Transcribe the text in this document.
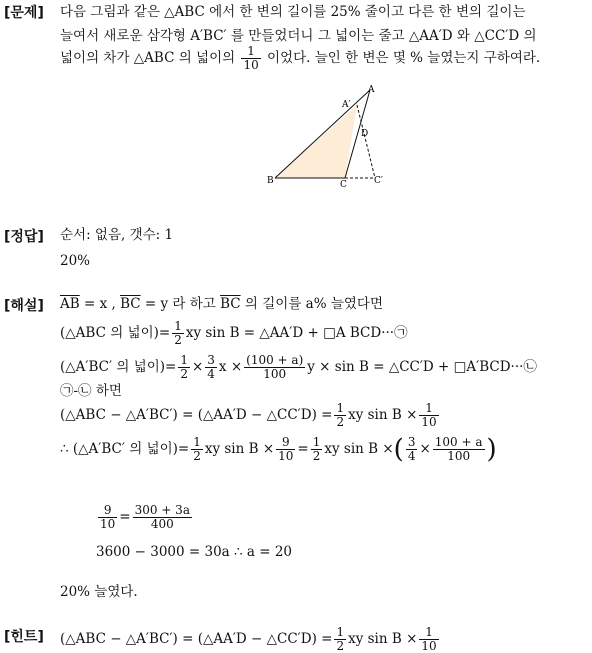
[문제] 다음 그림과 같은 △ABC 에서 한 변의 길이를 25% 줄이고 다른 한 변의 길이는
늘여서 새로운 삼각형 A′BC′ 를 만들었더니 그 넓이는 줄고 △AA′D 와 △CC′D 의
넓이의 차가 △ABC 의 넓이의 $\frac{1}{10}$ 이었다. 늘인 한 변은 몇 % 늘였는지 구하여라.
A
A′
D
B	C	C′
[정답] 순서: 없음, 갯수: 1
20%
[해설] $\overline{AB} = x$ , $\overline{BC} = y$ 라 하고 $\overline{BC}$ 의 길이를 a% 늘였다면
(△ABC 의 넓이)= $\frac{1}{2}$ xy sin B = △AA′D + □A BCD···㉠
(△A′BC′ 의 넓이)= $\frac{1}{2} \times \frac{3}{4}$ $x \times \frac{(100 + a)}{100}$ y × sin B = △CC′D + □A′BCD···㉡
㉠-㉡ 하면
(△ABC − △A′BC′) = (△AA′D − △CC′D) = $\frac{1}{2}$ xy $\sin B \times \frac{1}{10}$
∴ (△A′BC′ 의 넓이)= $\frac{1}{2}$ xy $\sin B \times \frac{9}{10} = \frac{1}{2}$ xy sin B ×( $\frac{3}{4} \times \frac{100 + a}{100}$ )
$\frac{9}{10} = \frac{300 + 3a}{400}$
3600 − 3000 = 30a ∴ a = 20
20% 늘였다.
[힌트] (△ABC − △A′BC′) = (△AA′D − △CC′D) = $\frac{1}{2}$ xy $\sin B \times \frac{1}{10}$
